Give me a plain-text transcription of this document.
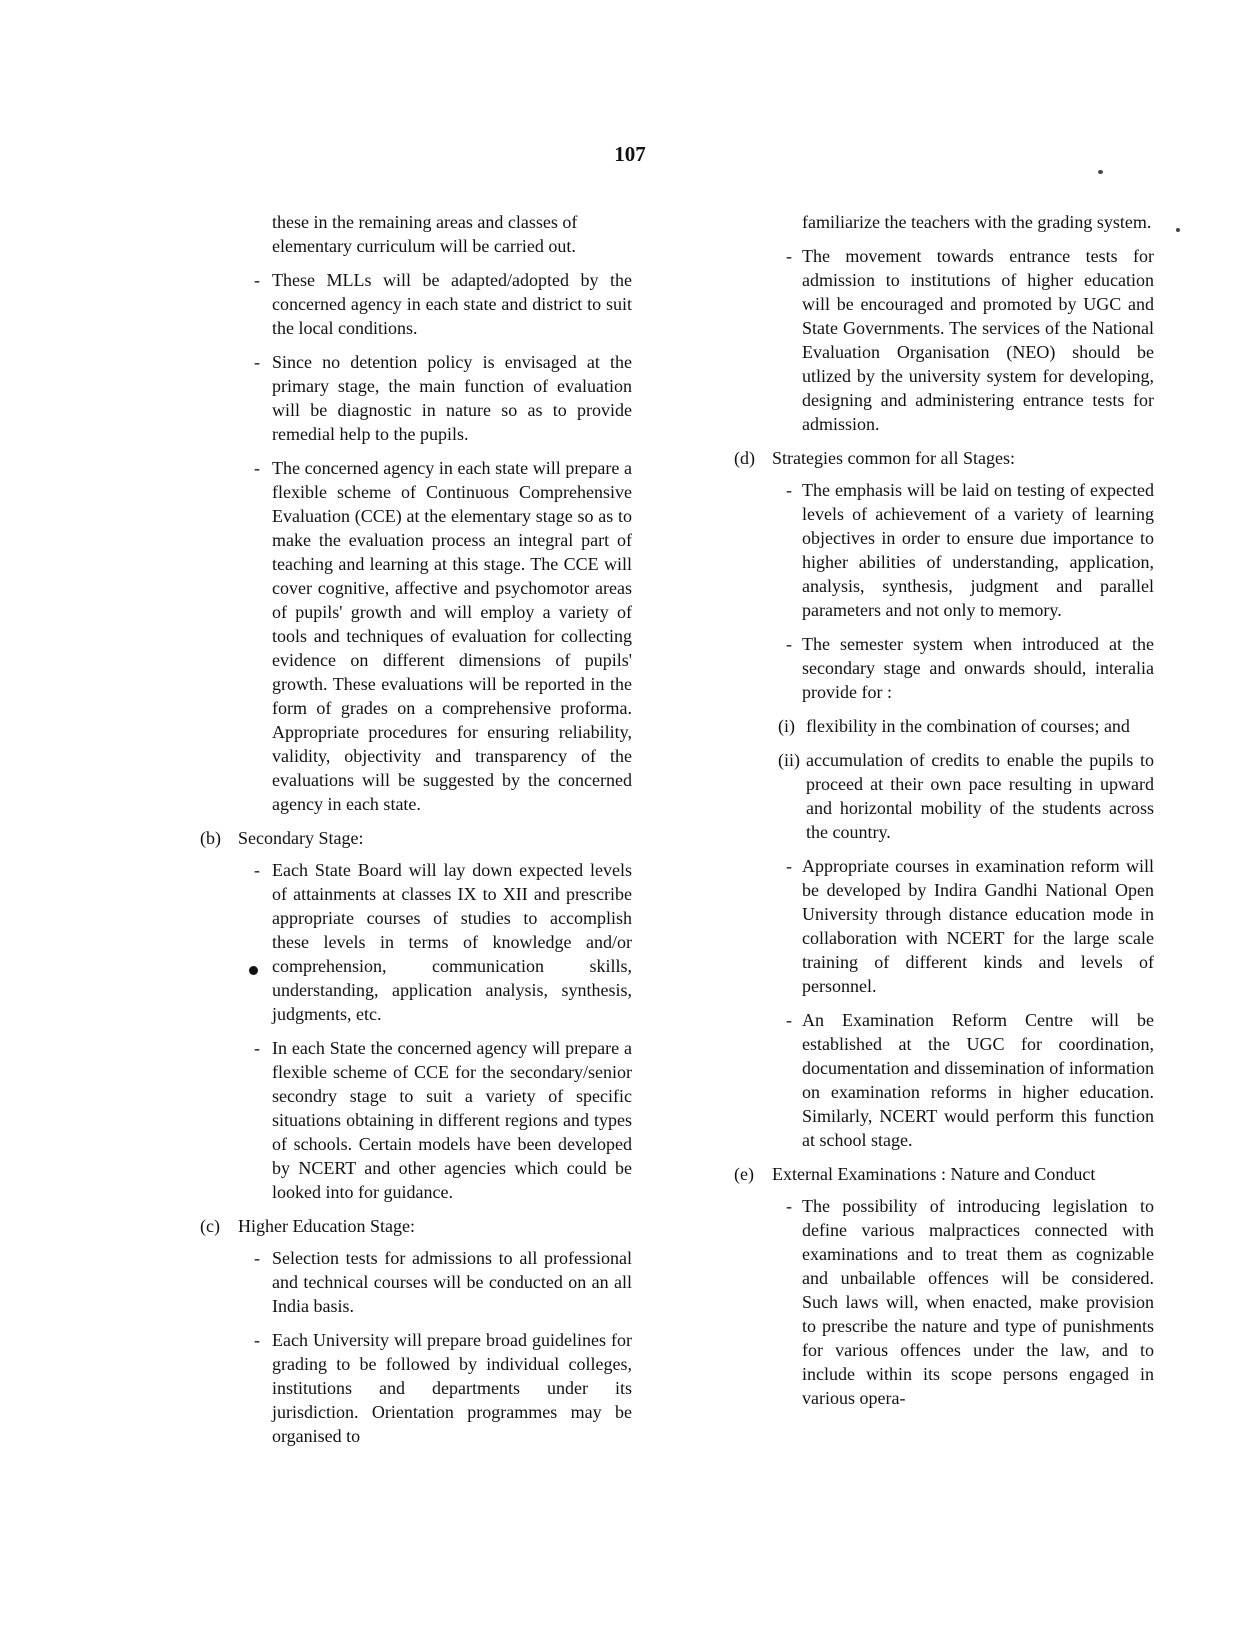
107

these in the remaining areas and classes of elementary curriculum will be carried out.

- These MLLs will be adapted/adopted by the concerned agency in each state and district to suit the local conditions.
- Since no detention policy is envisaged at the primary stage, the main function of evaluation will be diagnostic in nature so as to provide remedial help to the pupils.
- The concerned agency in each state will prepare a flexible scheme of Continuous Comprehensive Evaluation (CCE) at the elementary stage so as to make the evaluation process an integral part of teaching and learning at this stage. The CCE will cover cognitive, affective and psychomotor areas of pupils' growth and will employ a variety of tools and techniques of evaluation for collecting evidence on different dimensions of pupils' growth. These evaluations will be reported in the form of grades on a comprehensive proforma. Appropriate procedures for ensuring reliability, validity, objectivity and transparency of the evaluations will be suggested by the concerned agency in each state.
(b) Secondary Stage:
- Each State Board will lay down expected levels of attainments at classes IX to XII and prescribe appropriate courses of studies to accomplish these levels in terms of knowledge and/or comprehension, communication skills, understanding, application analysis, synthesis, judgments, etc.
- In each State the concerned agency will prepare a flexible scheme of CCE for the secondary/senior secondry stage to suit a variety of specific situations obtaining in different regions and types of schools. Certain models have been developed by NCERT and other agencies which could be looked into for guidance.
(c) Higher Education Stage:
- Selection tests for admissions to all professional and technical courses will be conducted on an all India basis.
- Each University will prepare broad guidelines for grading to be followed by individual colleges, institutions and departments under its jurisdiction. Orientation programmes may be organised to

familiarize the teachers with the grading system.

- The movement towards entrance tests for admission to institutions of higher education will be encouraged and promoted by UGC and State Governments. The services of the National Evaluation Organisation (NEO) should be utlized by the university system for developing, designing and administering entrance tests for admission.
(d) Strategies common for all Stages:
- The emphasis will be laid on testing of expected levels of achievement of a variety of learning objectives in order to ensure due importance to higher abilities of understanding, application, analysis, synthesis, judgment and parallel parameters and not only to memory.
- The semester system when introduced at the secondary stage and onwards should, interalia provide for :
(i) flexibility in the combination of courses; and
(ii) accumulation of credits to enable the pupils to proceed at their own pace resulting in upward and horizontal mobility of the students across the country.
- Appropriate courses in examination reform will be developed by Indira Gandhi National Open University through distance education mode in collaboration with NCERT for the large scale training of different kinds and levels of personnel.
- An Examination Reform Centre will be established at the UGC for coordination, documentation and dissemination of information on examination reforms in higher education. Similarly, NCERT would perform this function at school stage.
(e) External Examinations : Nature and Conduct
- The possibility of introducing legislation to define various malpractices connected with examinations and to treat them as cognizable and unbailable offences will be considered. Such laws will, when enacted, make provision to prescribe the nature and type of punishments for various offences under the law, and to include within its scope persons engaged in various opera-
